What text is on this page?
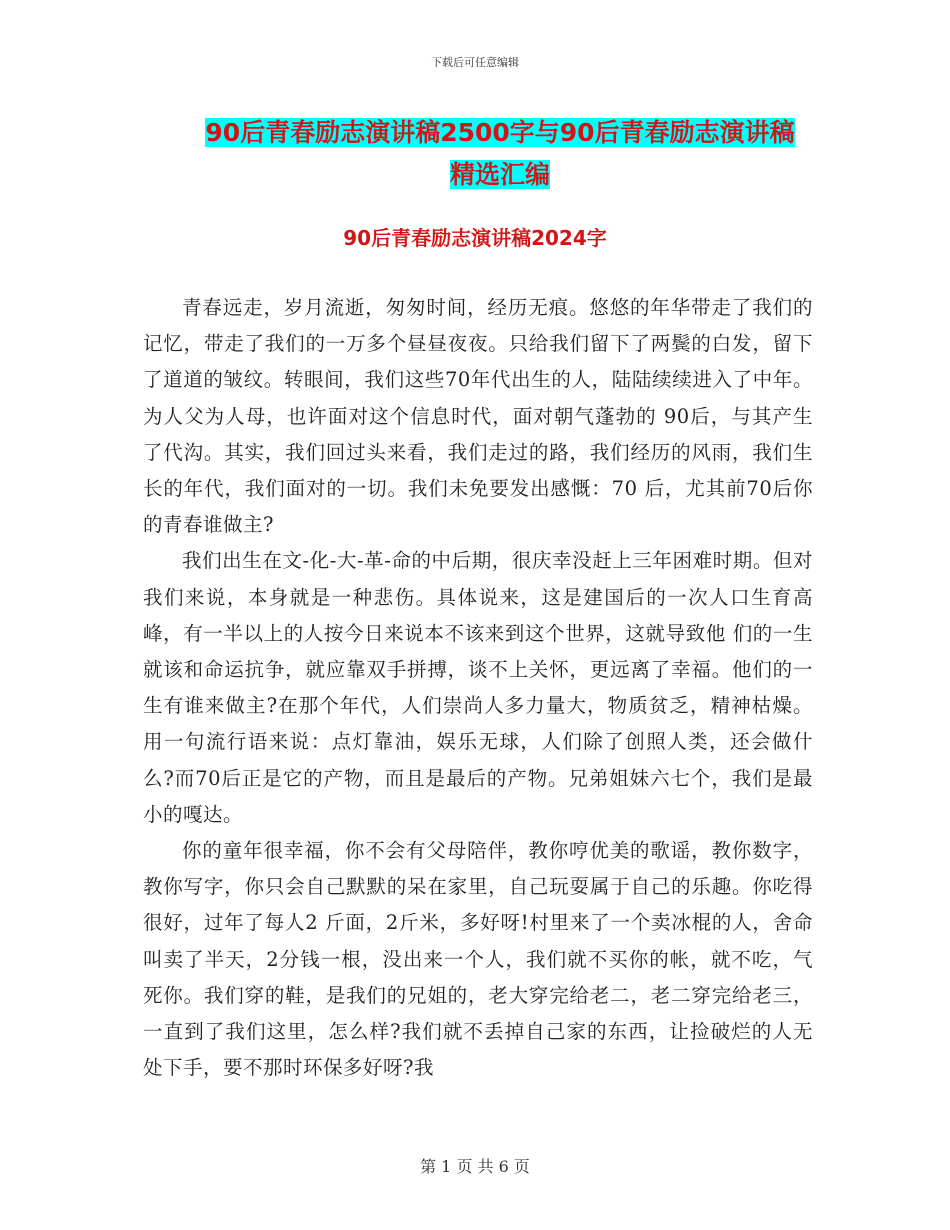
下载后可任意编辑
90后青春励志演讲稿2500字与90后青春励志演讲稿
精选汇编
90后青春励志演讲稿2024字

青春远走，岁月流逝，匆匆时间，经历无痕。悠悠的年华带走了我们的记忆，带走了我们的一万多个昼昼夜夜。只给我们留下了两鬓的白发，留下了道道的皱纹。转眼间，我们这些70年代出生的人，陆陆续续进入了中年。为人父为人母，也许面对这个信息时代，面对朝气蓬勃的 90后，与其产生了代沟。其实，我们回过头来看，我们走过的路，我们经历的风雨，我们生长的年代，我们面对的一切。我们未免要发出感慨：70 后，尤其前70后你的青春谁做主?

我们出生在文-化-大-革-命的中后期，很庆幸没赶上三年困难时期。但对我们来说，本身就是一种悲伤。具体说来，这是建国后的一次人口生育高峰，有一半以上的人按今日来说本不该来到这个世界，这就导致他 们的一生就该和命运抗争，就应靠双手拼搏，谈不上关怀，更远离了幸福。他们的一生有谁来做主?在那个年代，人们崇尚人多力量大，物质贫乏，精神枯燥。用一句流行语来说：点灯靠油，娱乐无球，人们除了创照人类，还会做什么?而70后正是它的产物，而且是最后的产物。兄弟姐妹六七个，我们是最小的嘎达。

你的童年很幸福，你不会有父母陪伴，教你哼优美的歌谣，教你数字，教你写字，你只会自己默默的呆在家里，自己玩耍属于自己的乐趣。你吃得很好，过年了每人2 斤面，2斤米，多好呀!村里来了一个卖冰棍的人，舍命叫卖了半天，2分钱一根，没出来一个人，我们就不买你的帐，就不吃，气死你。我们穿的鞋，是我们的兄姐的，老大穿完给老二，老二穿完给老三，一直到了我们这里，怎么样?我们就不丢掉自己家的东西，让捡破烂的人无处下手，要不那时环保多好呀?我

第 1 页 共 6 页
